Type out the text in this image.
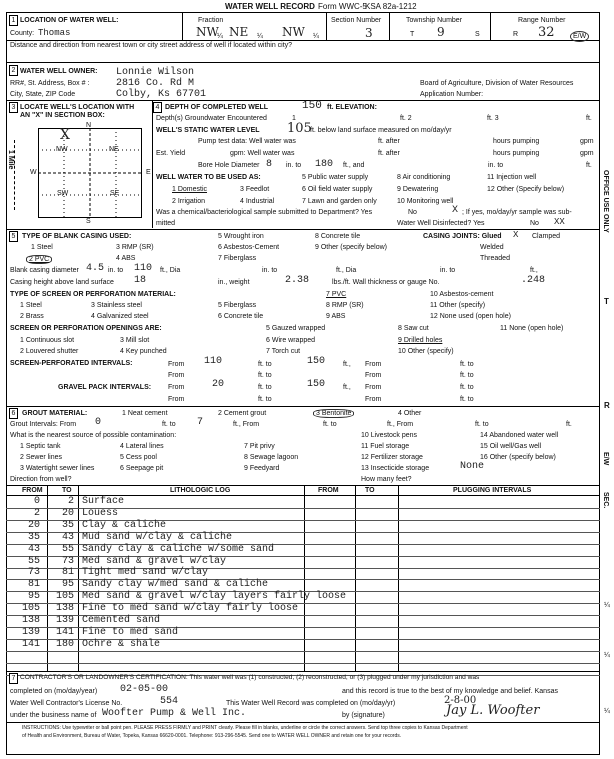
WATER WELL RECORD Form WWC-5
KSA 82a-1212
1 LOCATION OF WATER WELL:
County: Thomas
Fraction
NW
¼ NE ¼ NW ¼
Section Number
3
Township Number
T 9	S
Range Number
R 32	E/W
Distance and direction from nearest town or city street address of well if located within city?
2 WATER WELL OWNER: Lonnie Wilson
RR#, St. Address, Box # :	2816 Co. Rd M
City, State, ZIP Code	Colby, Ks 67701
Board of Agriculture, Division of Water Resources
Application Number:
3 LOCATE WELL'S LOCATION WITH
AN "X" IN SECTION BOX:
N
S
W	E
1 Mile
NW	NE
SW	SE
X
4 DEPTH OF COMPLETED WELL	150 ft. ELEVATION:
Depth(s) Groundwater Encountered	1	ft. 2	ft. 3	ft.
WELL'S STATIC WATER LEVEL 105
ft. below land surface measured on mo/day/yr
Pump test data: Well water was	ft. after	hours pumping	gpm
Est. Yield	gpm: Well water was	ft. after	hours pumping	gpm
Bore Hole Diameter 8 in. to 180 ft., and	in. to	ft.
WELL WATER TO BE USED AS:	5 Public water supply	8 Air conditioning	11 Injection well
1 Domestic	3 Feedlot	6 Oil field water supply	9 Dewatering	12 Other (Specify below)
2 Irrigation	4 Industrial	7 Lawn and garden only	10 Monitoring well
Was a chemical/bacteriological sample submitted to Department? Yes	No	X ; If yes, mo/day/yr sample was sub-
mitted	Water Well Disinfected? Yes	No XX
5 TYPE OF BLANK CASING USED:	5 Wrought iron	8 Concrete tile	CASING JOINTS: Glued X Clamped
1 Steel	3 RMP (SR)	6 Asbestos-Cement	9 Other (specify below)	Welded
2 PVC	4 ABS	7 Fiberglass	Threaded
Blank casing diameter 4.5 in. to 110 ft., Dia	in. to	ft., Dia	in. to	ft.,
Casing height above land surface 18	in., weight	2.38	lbs./ft. Wall thickness or gauge No.	.248
TYPE OF SCREEN OR PERFORATION MATERIAL:	7 PVC	10 Asbestos-cement
1 Steel	3 Stainless steel	5 Fiberglass	8 RMP (SR)	11 Other (specify)
2 Brass	4 Galvanized steel	6 Concrete tile	9 ABS	12 None used (open hole)
SCREEN OR PERFORATION OPENINGS ARE:	5 Gauzed wrapped	8 Saw cut	11 None (open hole)
1 Continuous slot	3 Mill slot	6 Wire wrapped	9 Drilled holes
2 Louvered shutter	4 Key punched	7 Torch cut	10 Other (specify)
SCREEN-PERFORATED INTERVALS:	From 110	ft. to	150	ft., From	ft. to
From	ft. to	From	ft. to
GRAVEL PACK INTERVALS: From	20	ft. to	150	ft., From	ft. to
From	ft. to	From	ft. to
6 GROUT MATERIAL:	1 Neat cement	2 Cement grout	3 Bentonite	4 Other
Grout Intervals: From 0	ft. to 7	ft., From	ft. to	ft., From	ft. to	ft.
What is the nearest source of possible contamination:	10 Livestock pens	14 Abandoned water well
1 Septic tank	4 Lateral lines	7 Pit privy	11 Fuel storage	15 Oil well/Gas well
2 Sewer lines	5 Cess pool	8 Sewage lagoon	12 Fertilizer storage	16 Other (specify below)
3 Watertight sewer lines	6 Seepage pit	9 Feedyard	13 Insecticide storage	None
Direction from well?	How many feet?
FROM	TO	LITHOLOGIC LOG	FROM	TO	PLUGGING INTERVALS
0	2 Surface
2	20 Louess
20	35 Clay & caliche
35	43 Mud sand w/clay & caliche
43	55 Sandy clay & caliche w/some sand
55	73 Med sand & gravel w/clay
73	81 Tight med sand w/clay
81	95 Sandy clay w/med sand & caliche
95	105 Med sand & gravel w/clay layers fairly loose
105	138 Fine to med sand w/clay fairly loose
138	139 Cemented sand
139	141 Fine to med sand
141	180 Ochre & shale
7 CONTRACTOR'S OR LANDOWNER'S CERTIFICATION: This water well was (1) constructed, (2) reconstructed, or (3) plugged under my jurisdiction and was
completed on (mo/day/year) 02-05-00	and this record is true to the best of my knowledge and belief. Kansas
Water Well Contractor's License No.	554	This Water Well Record was completed on (mo/day/yr)	2-8-00
under the business name of Woofter Pump & Well Inc.	by (signature)	Jay L. Woofter
INSTRUCTIONS: Use typewriter or ball point pen. PLEASE PRESS FIRMLY and PRINT clearly. Please fill in blanks, underline or circle the correct answers. Send top three copies to Kansas Department
of Health and Environment, Bureau of Water, Topeka, Kansas 66620-0001. Telephone: 913-296-5545. Send one to WATER WELL OWNER and retain one for your records.
OFFICE USE ONLY
T
R
E/W
SEC.
¼
¼
¼
